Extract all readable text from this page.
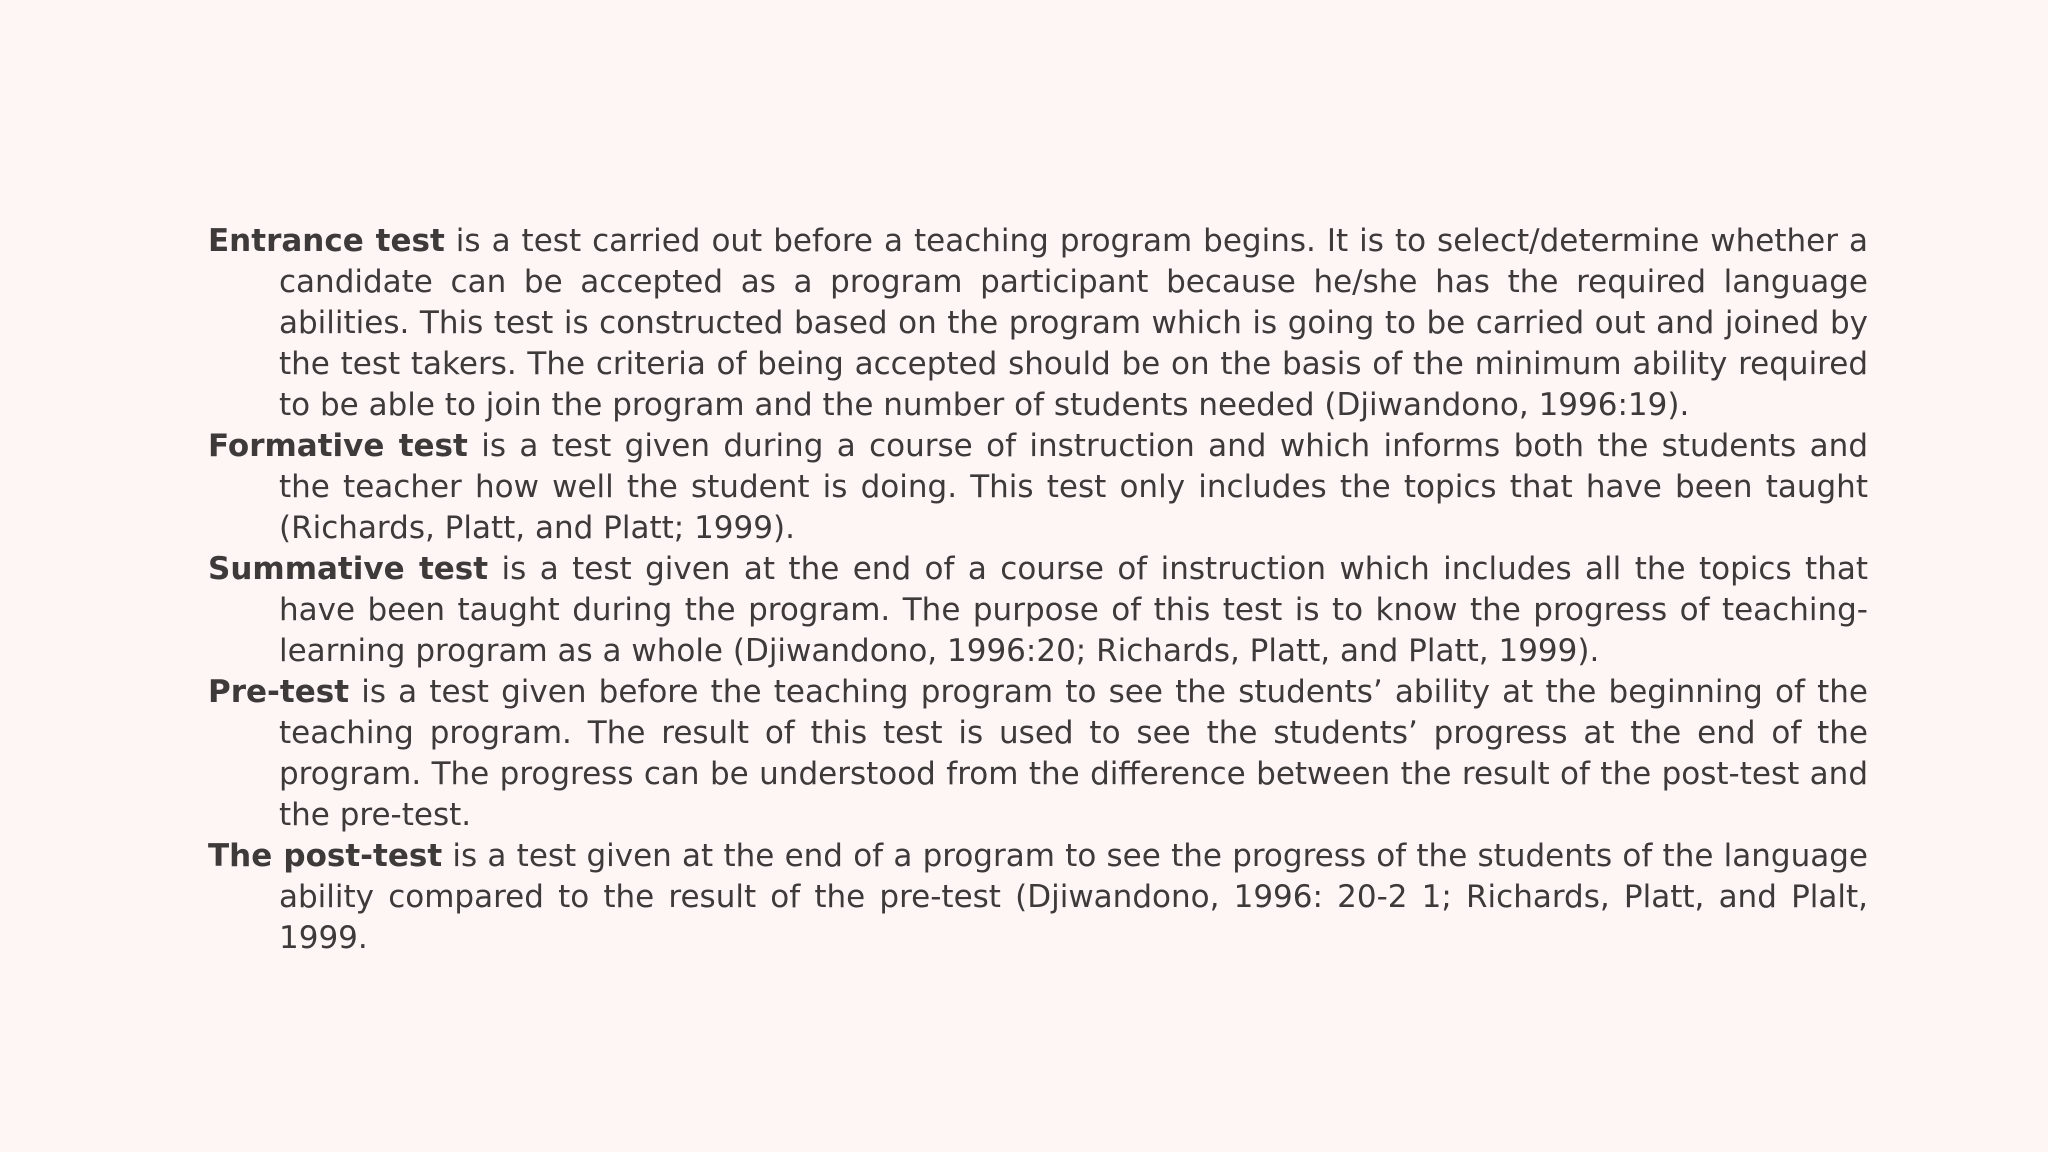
Entrance test is a test carried out before a teaching program begins. It is to select/determine whether a candidate can be accepted as a program participant because he/she has the required language abilities. This test is constructed based on the program which is going to be carried out and joined by the test takers. The criteria of being accepted should be on the basis of the minimum ability required to be able to join the program and the number of students needed (Djiwandono, 1996:19).

Formative test is a test given during a course of instruction and which informs both the students and the teacher how well the student is doing. This test only includes the topics that have been taught (Richards, Platt, and Platt; 1999).

Summative test is a test given at the end of a course of instruction which includes all the topics that have been taught during the program. The purpose of this test is to know the progress of teaching-learning program as a whole (Djiwandono, 1996:20; Richards, Platt, and Platt, 1999).

Pre-test is a test given before the teaching program to see the students’ ability at the beginning of the teaching program. The result of this test is used to see the students’ progress at the end of the program. The progress can be understood from the difference between the result of the post-test and the pre-test.

The post-test is a test given at the end of a program to see the progress of the students of the language ability compared to the result of the pre-test (Djiwandono, 1996: 20-2 1; Richards, Platt, and Plalt, 1999.
